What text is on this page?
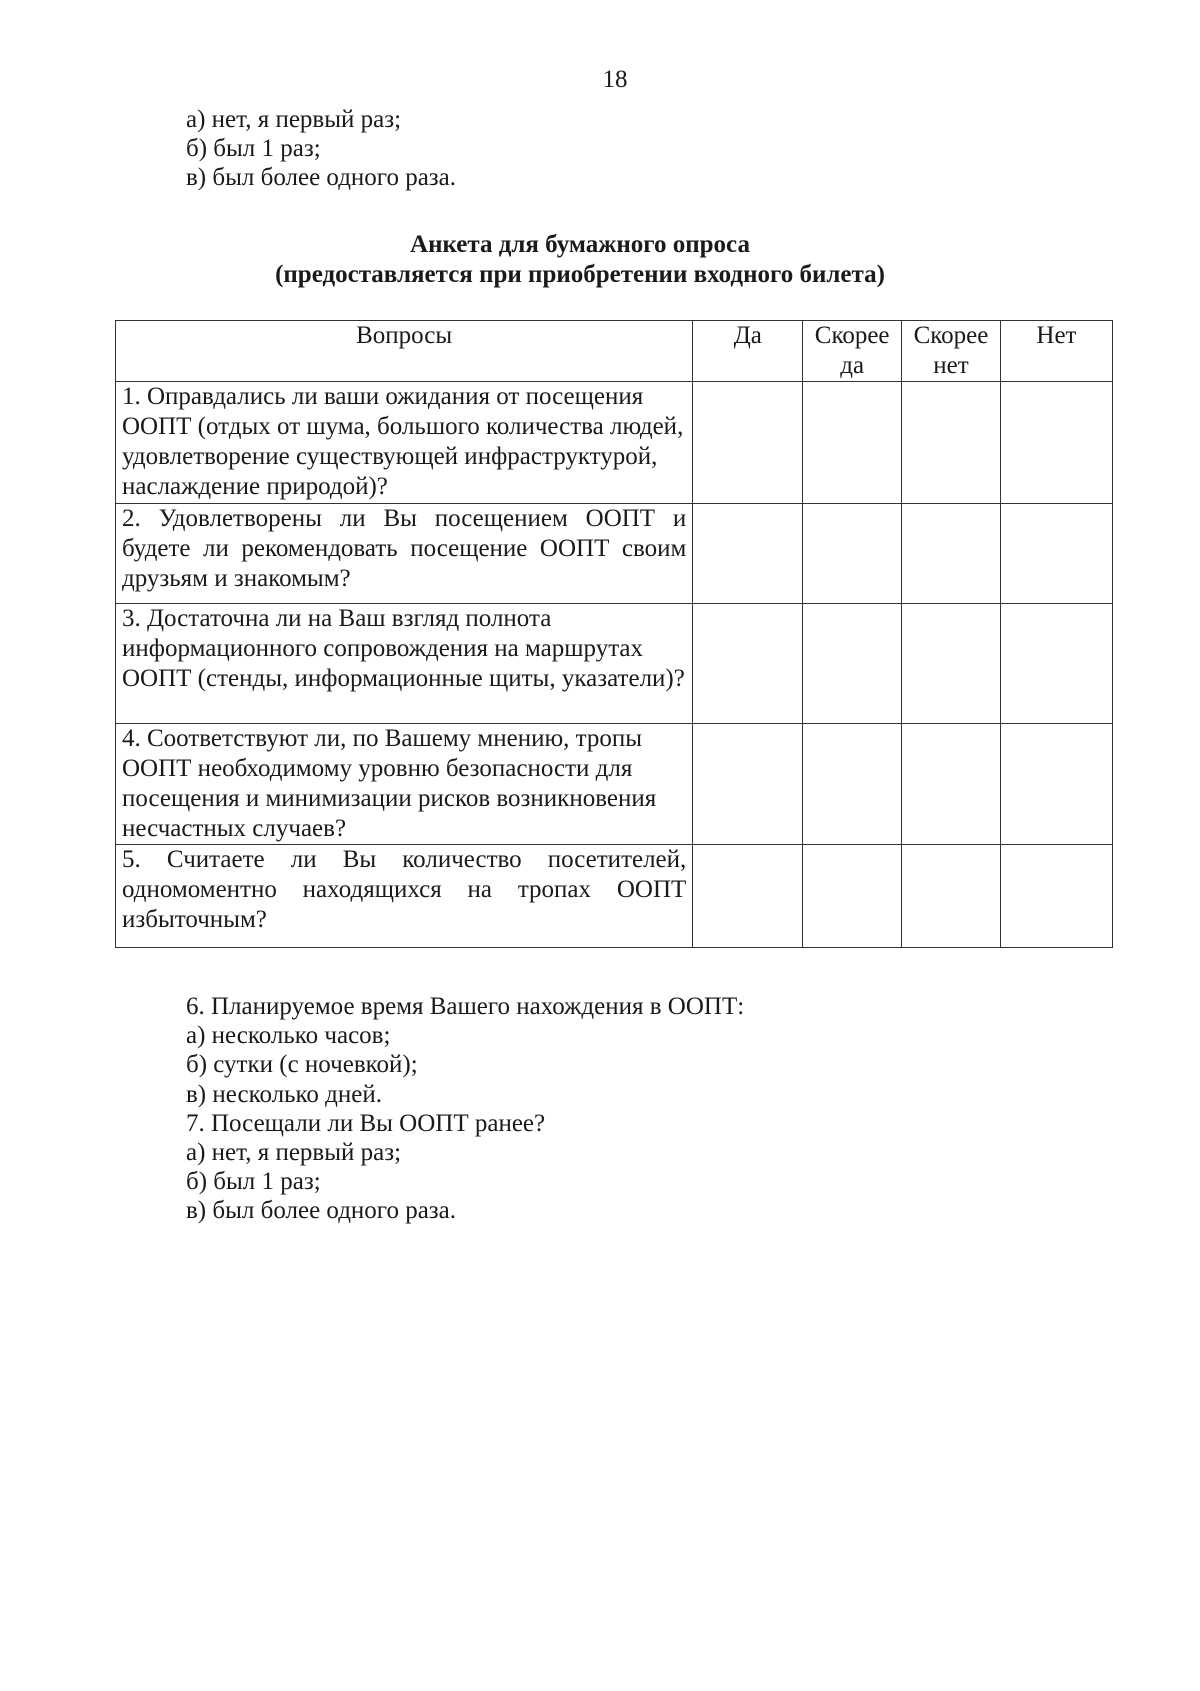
18
а) нет, я первый раз;
б) был 1 раз;
в) был более одного раза.
Анкета для бумажного опроса
(предоставляется при приобретении входного билета)
Вопросы	Да	Скорее да	Скорее нет	Нет
1. Оправдались ли ваши ожидания от посещения ООПТ (отдых от шума, большого количества людей, удовлетворение существующей инфраструктурой, наслаждение природой)?				
2. Удовлетворены ли Вы посещением ООПТ и будете ли рекомендовать посещение ООПТ своим друзьям и знакомым?				
3. Достаточна ли на Ваш взгляд полнота информационного сопровождения на маршрутах ООПТ (стенды, информационные щиты, указатели)?				
4. Соответствуют ли, по Вашему мнению, тропы ООПТ необходимому уровню безопасности для посещения и минимизации рисков возникновения несчастных случаев?				
5. Считаете ли Вы количество посетителей, одномоментно находящихся на тропах ООПТ избыточным?				
6. Планируемое время Вашего нахождения в ООПТ:
а) несколько часов;
б) сутки (с ночевкой);
в) несколько дней.
7. Посещали ли Вы ООПТ ранее?
а) нет, я первый раз;
б) был 1 раз;
в) был более одного раза.
